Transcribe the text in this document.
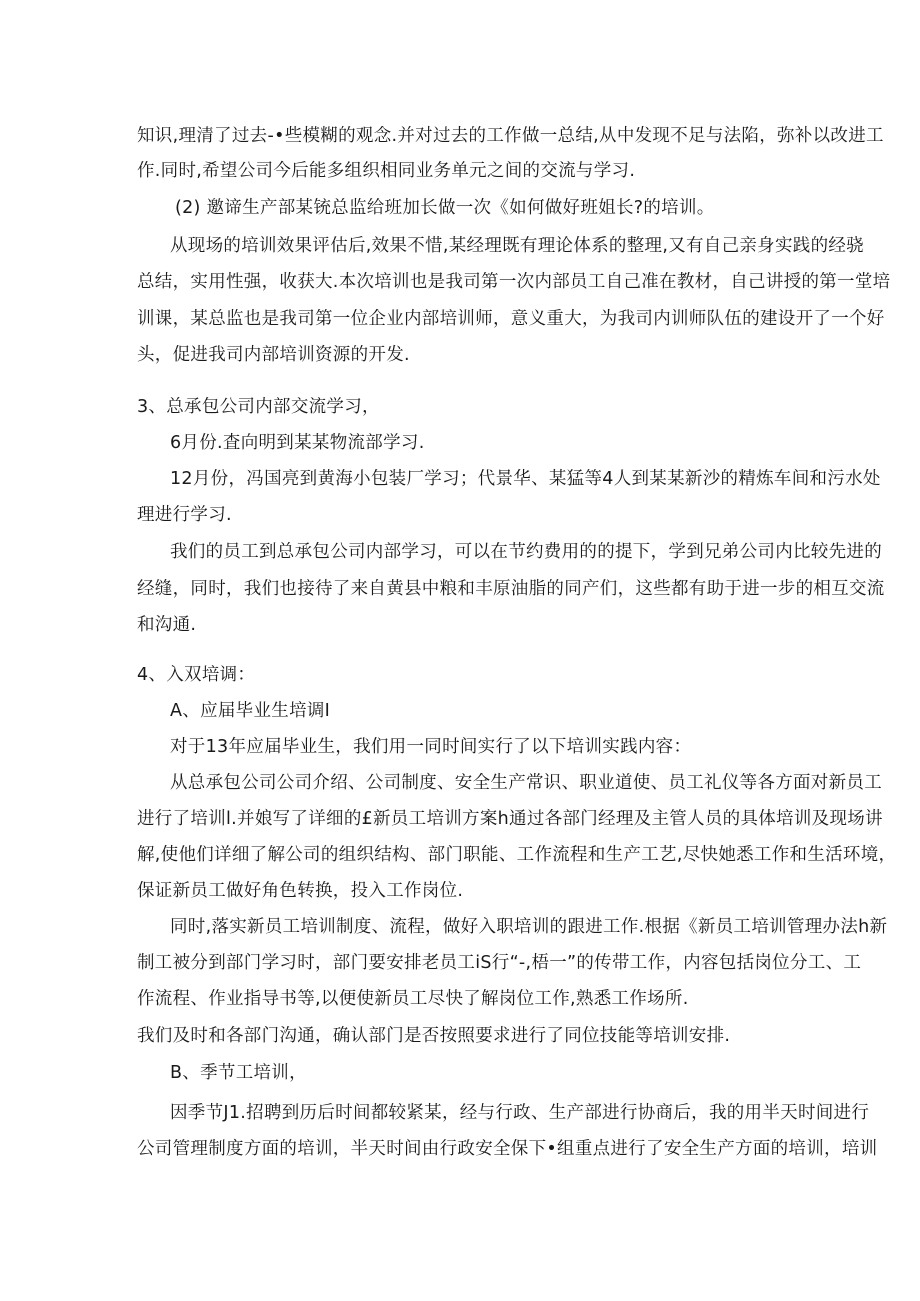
知识,理清了过去-•些模糊的观念.并对过去的工作做一总结,从中发现不足与法陷，弥补以改进工
作.同时,希望公司今后能多组织相同业务单元之间的交流与学习.
(2) 邀谛生产部某铳总监给班加长做一次《如何做好班姐长?的培训。
从现场的培训效果评估后,效果不惜,某经理既有理论体系的整理,又有自己亲身实践的经骁
总结，实用性强，收获大.本次培训也是我司第一次内部员工自己准在教材，自己讲授的第一堂培
训课，某总监也是我司第一位企业内部培训师，意义重大，为我司内训师队伍的建设开了一个好
头，促进我司内部培训资源的开发.
3、总承包公司内部交流学习，
6月份.査向明到某某物流部学习.
12月份，冯国亮到黄海小包装厂学习；代景华、某猛等4人到某某新沙的精炼车间和污水处
理进行学习.
我们的员工到总承包公司内部学习，可以在节约费用的的提下，学到兄弟公司内比较先进的
经缝，同时，我们也接待了来自黄县中粮和丰原油脂的同产们，这些都有助于进一步的相互交流
和沟通.
4、入双培调：
A、应届毕业生培调I
对于13年应届毕业生，我们用一同时间实行了以下培训实践内容：
从总承包公司公司介绍、公司制度、安全生产常识、职业道使、员工礼仪等各方面对新员工
进行了培训l.并娘写了详细的£新员工培训方案h通过各部门经理及主管人员的具体培训及现场讲
解,使他们详细了解公司的组织结构、部门职能、工作流程和生产工艺,尽快她悉工作和生活环境，
保证新员工做好角色转换，投入工作岗位.
同时,落实新员工培训制度、流程，做好入职培训的跟进工作.根据《新员工培训管理办法h新
制工被分到部门学习时，部门要安排老员工iS行“-,梧一”的传带工作，内容包括岗位分工、工
作流程、作业指导书等,以便使新员工尽快了解岗位工作,熟悉工作场所.
我们及时和各部门沟通，确认部门是否按照要求进行了同位技能等培训安排.
B、季节工培训，
因季节J1.招聘到历后时间都较紧某，经与行政、生产部进行协商后，我的用半天时间进行
公司管理制度方面的培训，半天时间由行政安全保下•组重点进行了安全生产方面的培训，培训
